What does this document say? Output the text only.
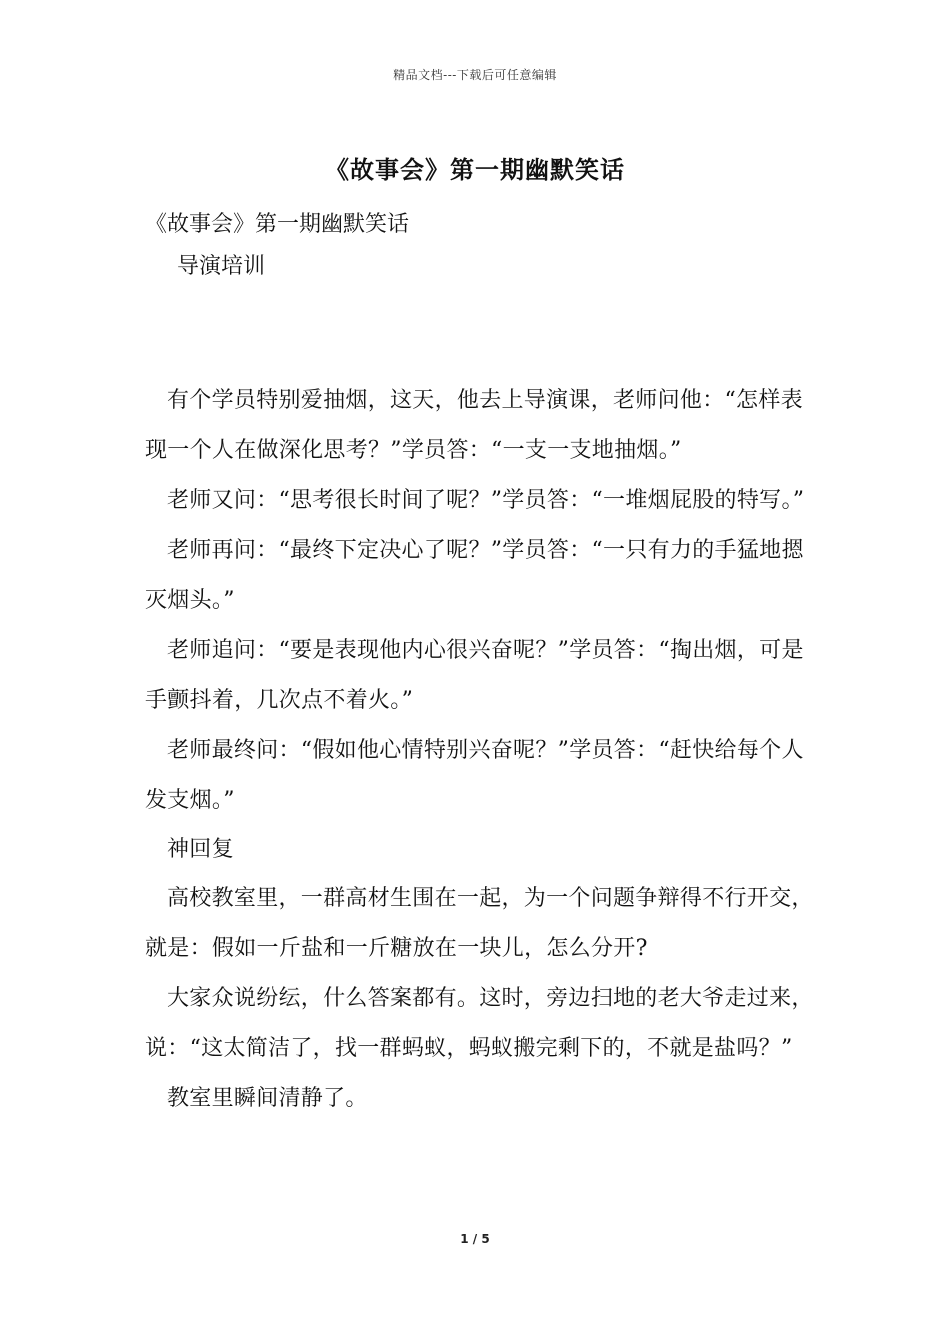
精品文档---下载后可任意编辑
《故事会》第一期幽默笑话

《故事会》第一期幽默笑话

导演培训

有个学员特别爱抽烟，这天，他去上导演课，老师问他：“怎样表现一个人在做深化思考？”学员答：“一支一支地抽烟。”

老师又问：“思考很长时间了呢？”学员答：“一堆烟屁股的特写。”

老师再问：“最终下定决心了呢？”学员答：“一只有力的手猛地摁灭烟头。”

老师追问：“要是表现他内心很兴奋呢？”学员答：“掏出烟，可是手颤抖着，几次点不着火。”

老师最终问：“假如他心情特别兴奋呢？”学员答：“赶快给每个人发支烟。”

神回复

高校教室里，一群高材生围在一起，为一个问题争辩得不行开交，就是：假如一斤盐和一斤糖放在一块儿，怎么分开?

大家众说纷纭，什么答案都有。这时，旁边扫地的老大爷走过来，说：“这太简洁了，找一群蚂蚁，蚂蚁搬完剩下的，不就是盐吗？”

教室里瞬间清静了。

1 / 5
